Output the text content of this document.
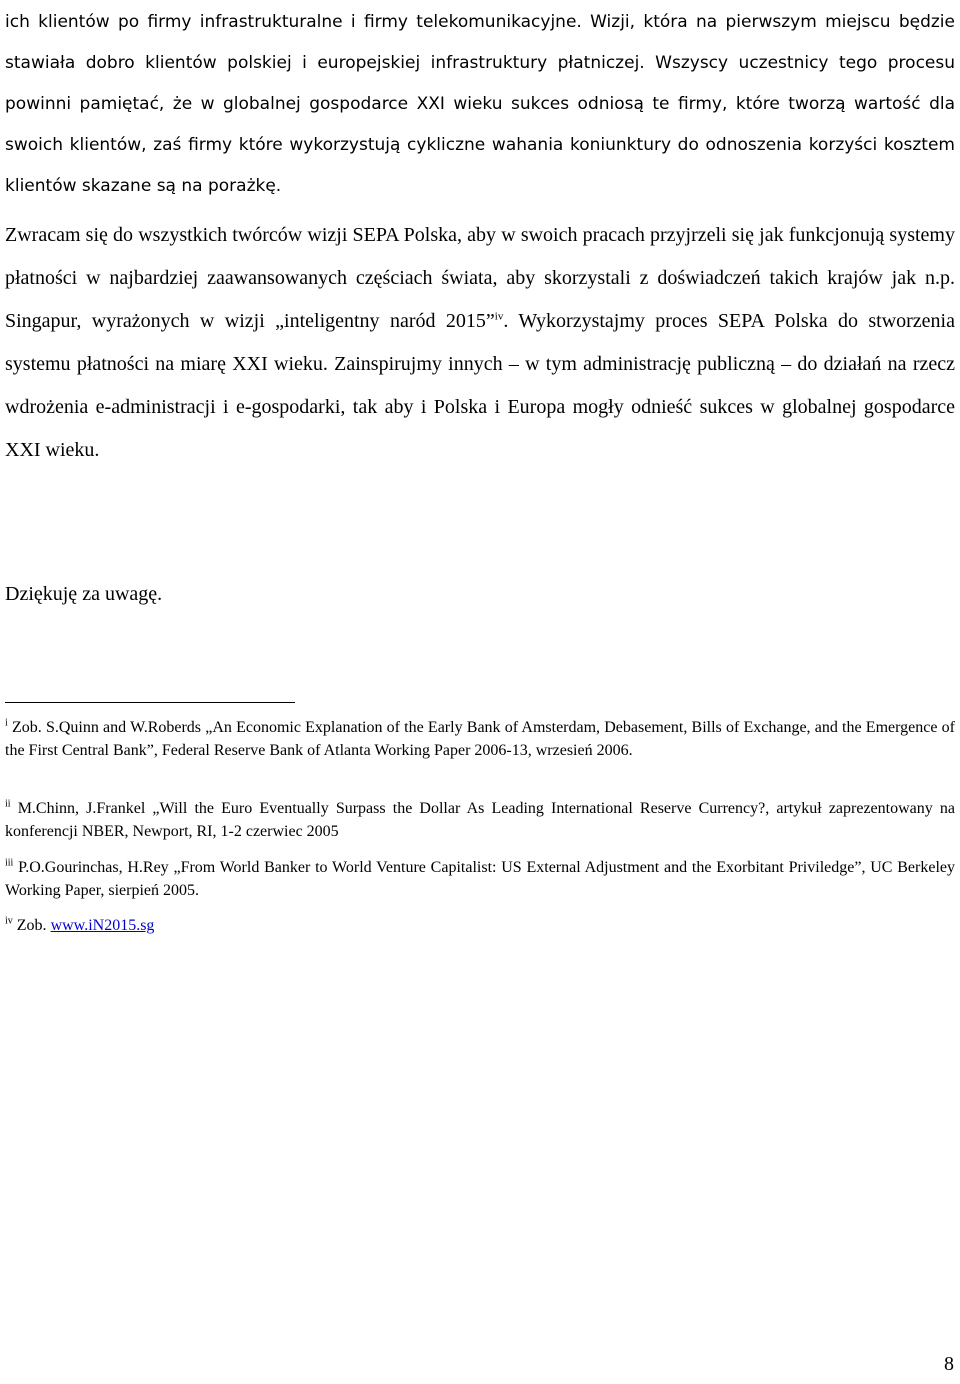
ich klientów po firmy infrastrukturalne i firmy telekomunikacyjne. Wizji, która na pierwszym miejscu będzie stawiała dobro klientów polskiej i europejskiej infrastruktury płatniczej. Wszyscy uczestnicy tego procesu powinni pamiętać, że w globalnej gospodarce XXI wieku sukces odniosą te firmy, które tworzą wartość dla swoich klientów, zaś firmy które wykorzystują cykliczne wahania koniunktury do odnoszenia korzyści kosztem klientów skazane są na porażkę.

Zwracam się do wszystkich twórców wizji SEPA Polska, aby w swoich pracach przyjrzeli się jak funkcjonują systemy płatności w najbardziej zaawansowanych częściach świata, aby skorzystali z doświadczeń takich krajów jak n.p. Singapur, wyrażonych w wizji „inteligentny naród 2015”$^{iv}$. Wykorzystajmy proces SEPA Polska do stworzenia systemu płatności na miarę XXI wieku. Zainspirujmy innych – w tym administrację publiczną – do działań na rzecz wdrożenia e-administracji i e-gospodarki, tak aby i Polska i Europa mogły odnieść sukces w globalnej gospodarce XXI wieku.

Dziękuję za uwagę.

$^i$ Zob. S.Quinn and W.Roberds „An Economic Explanation of the Early Bank of Amsterdam, Debasement, Bills of Exchange, and the Emergence of the First Central Bank”, Federal Reserve Bank of Atlanta Working Paper 2006-13, wrzesień 2006.

$^{ii}$ M.Chinn, J.Frankel „Will the Euro Eventually Surpass the Dollar As Leading International Reserve Currency?, artykuł zaprezentowany na konferencji NBER, Newport, RI, 1-2 czerwiec 2005

$^{iii}$ P.O.Gourinchas, H.Rey „From World Banker to World Venture Capitalist: US External Adjustment and the Exorbitant Priviledge”, UC Berkeley Working Paper, sierpień 2005.

$^{iv}$ Zob. www.iN2015.sg

8
